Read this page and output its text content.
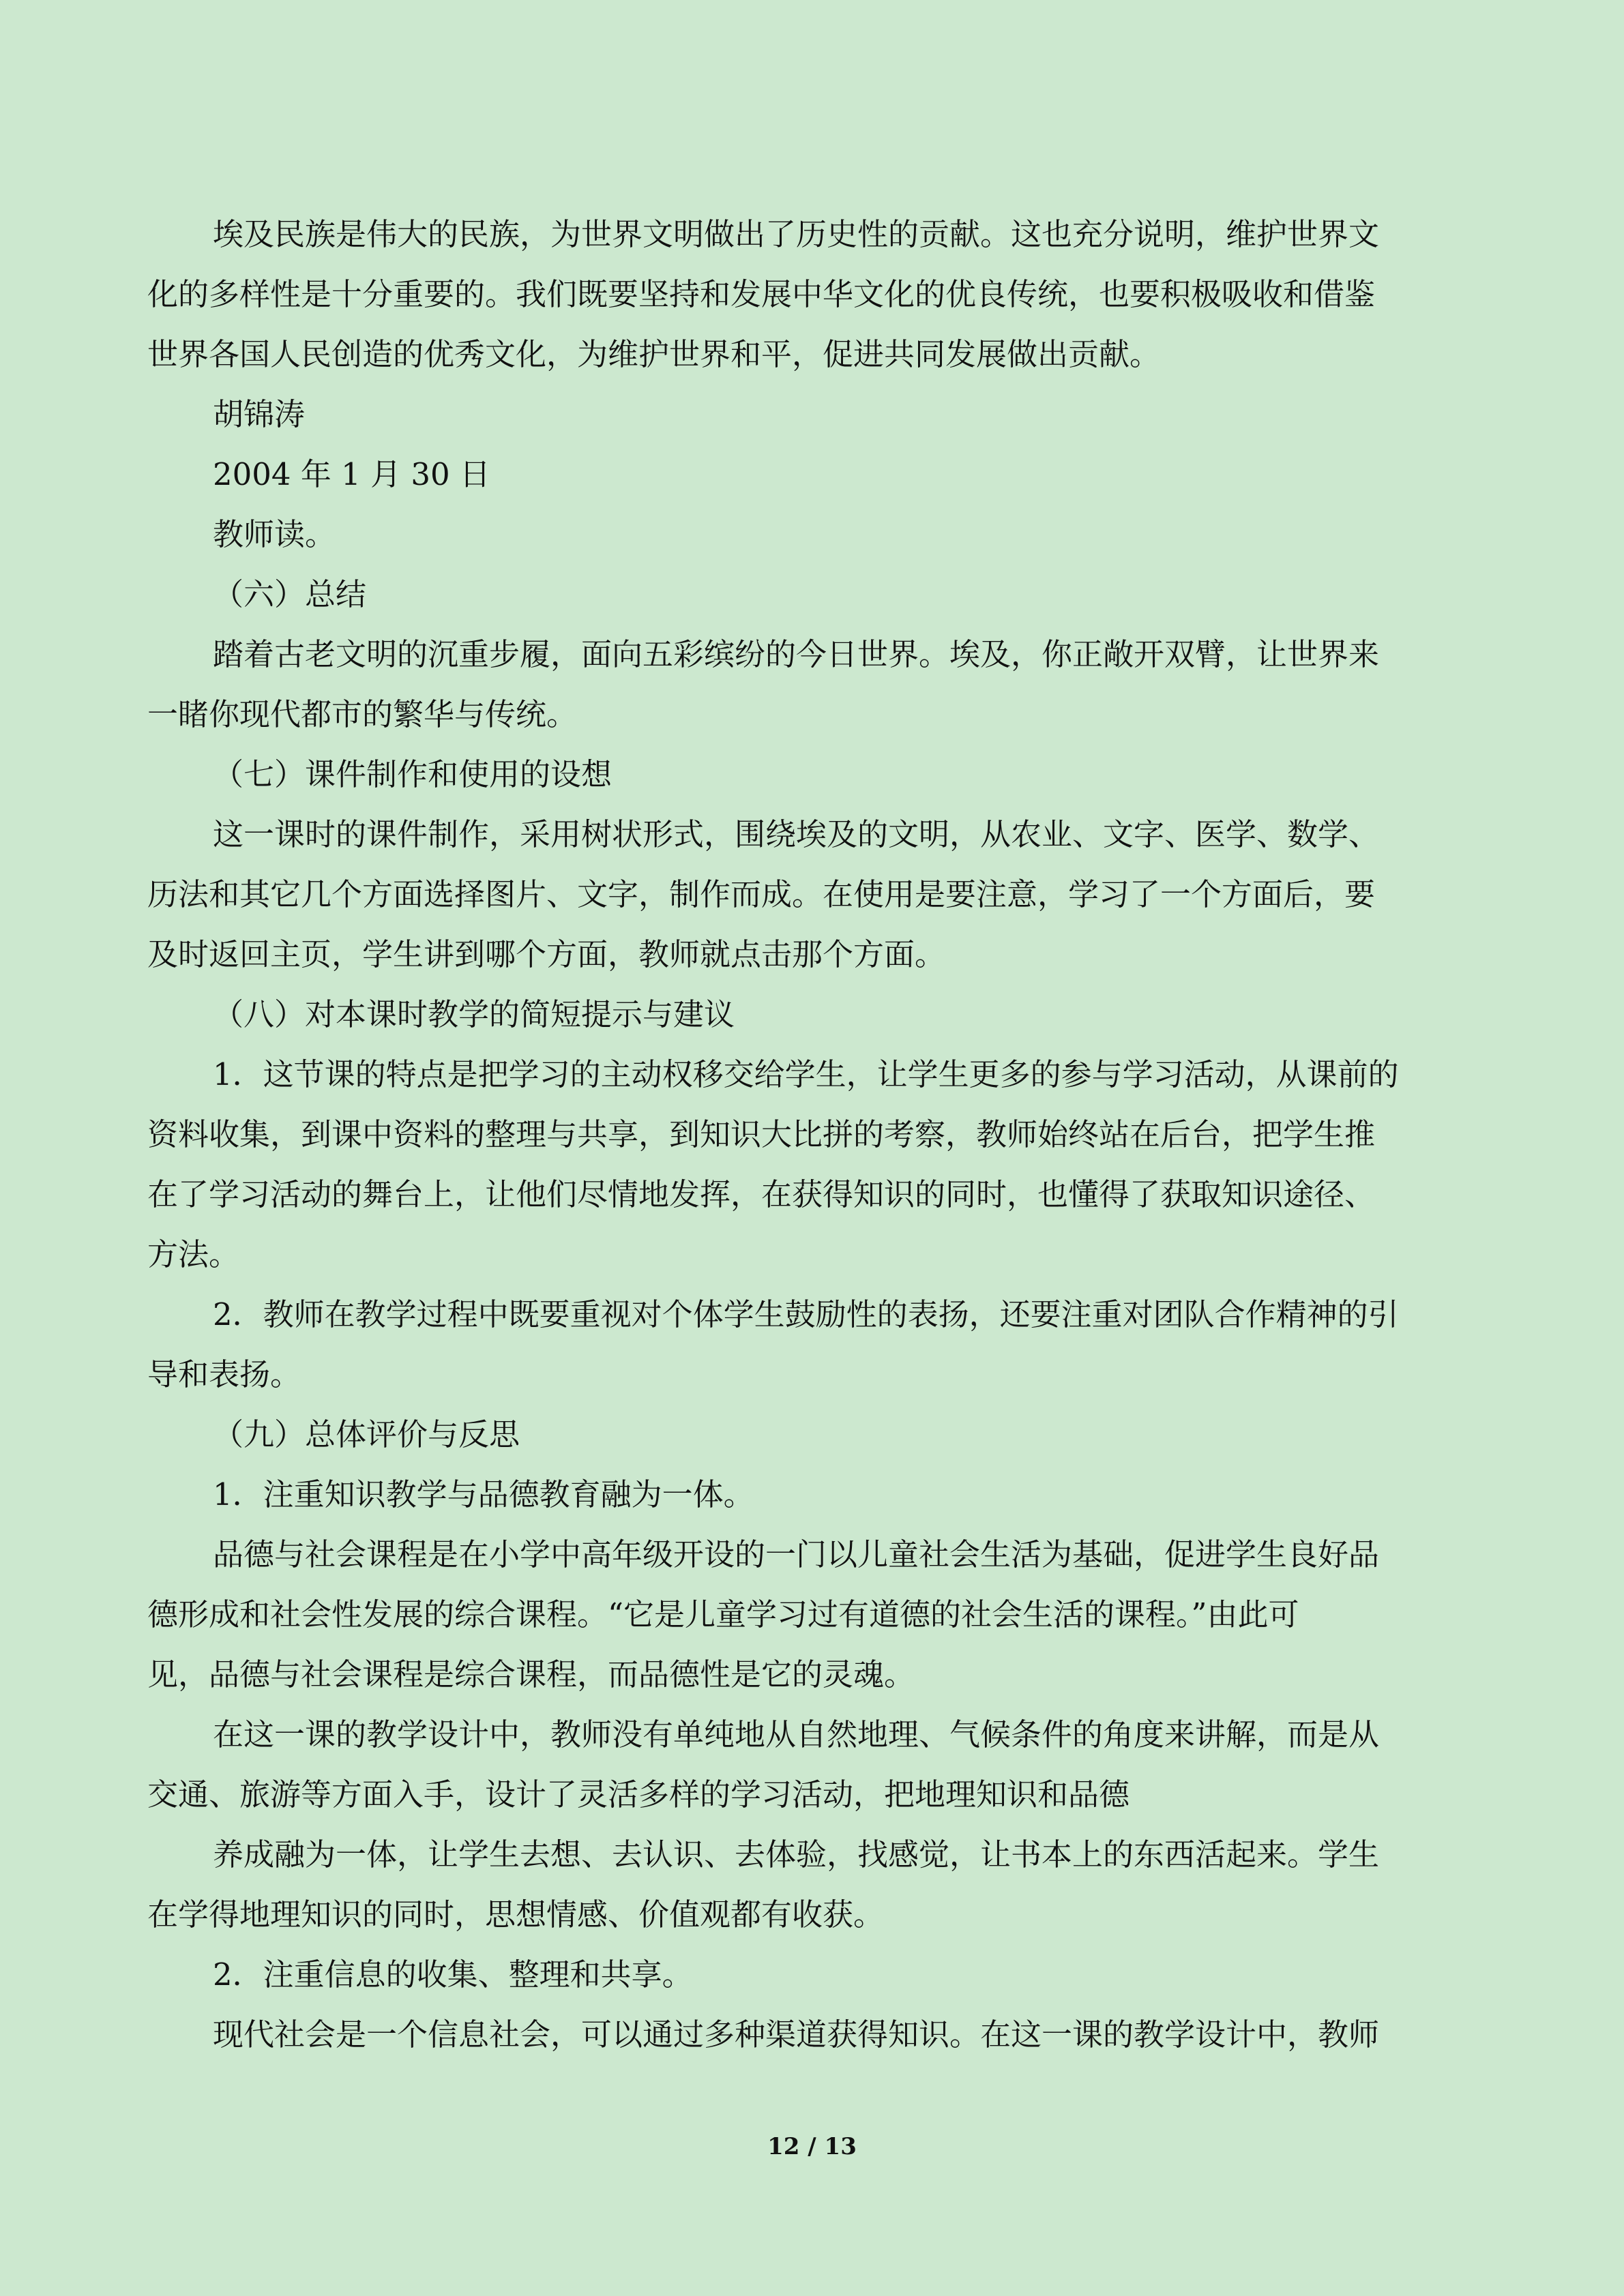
埃及民族是伟大的民族，为世界文明做出了历史性的贡献。这也充分说明，维护世界文
化的多样性是十分重要的。我们既要坚持和发展中华文化的优良传统，也要积极吸收和借鉴
世界各国人民创造的优秀文化，为维护世界和平，促进共同发展做出贡献。
胡锦涛
2004 年 1 月 30 日
教师读。
（六）总结
踏着古老文明的沉重步履，面向五彩缤纷的今日世界。埃及，你正敞开双臂，让世界来
一睹你现代都市的繁华与传统。
（七）课件制作和使用的设想
这一课时的课件制作，采用树状形式，围绕埃及的文明，从农业、文字、医学、数学、
历法和其它几个方面选择图片、文字，制作而成。在使用是要注意，学习了一个方面后，要
及时返回主页，学生讲到哪个方面，教师就点击那个方面。
（八）对本课时教学的简短提示与建议
1．这节课的特点是把学习的主动权移交给学生，让学生更多的参与学习活动，从课前的
资料收集，到课中资料的整理与共享，到知识大比拼的考察，教师始终站在后台，把学生推
在了学习活动的舞台上，让他们尽情地发挥，在获得知识的同时，也懂得了获取知识途径、
方法。
2．教师在教学过程中既要重视对个体学生鼓励性的表扬，还要注重对团队合作精神的引
导和表扬。
（九）总体评价与反思
1．注重知识教学与品德教育融为一体。
品德与社会课程是在小学中高年级开设的一门以儿童社会生活为基础，促进学生良好品
德形成和社会性发展的综合课程。“它是儿童学习过有道德的社会生活的课程。”由此可
见，品德与社会课程是综合课程，而品德性是它的灵魂。
在这一课的教学设计中，教师没有单纯地从自然地理、气候条件的角度来讲解，而是从
交通、旅游等方面入手，设计了灵活多样的学习活动，把地理知识和品德
养成融为一体，让学生去想、去认识、去体验，找感觉，让书本上的东西活起来。学生
在学得地理知识的同时，思想情感、价值观都有收获。
2．注重信息的收集、整理和共享。
现代社会是一个信息社会，可以通过多种渠道获得知识。在这一课的教学设计中，教师
12 / 13
